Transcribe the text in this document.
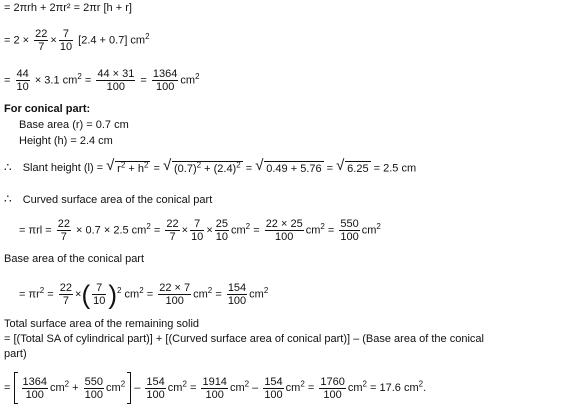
= 2πrh + 2πr² = 2πr [h + r]
= $2 \times \frac{22}{7} \times \frac{7}{10} [2.4 + 0.7]$ $cm^2$
= $\frac{44}{10} \times 3.1$ $cm^2 = \frac{44 \times 31}{100} = \frac{1364}{100} cm^2$
For conical part:
Base area (r) = 0.7 cm
Height (h) = 2.4 cm
∴ Slant height (l) = √ $r^2 + h^2$ = √ $(0.7)^2 + (2.4)^2$ = √ 0.49 + 5.76 = √ 6.25 = 2.5 cm
∴ Curved surface area of the conical part
= $\pi rl = \frac{22}{7} \times 0.7 \times 2.5$ $cm^2 = \frac{22}{7} \times \frac{7}{10} \times \frac{25}{10} cm^2 = \frac{22 \times 25}{100} cm^2 = \frac{550}{100} cm^2$
Base area of the conical part
= $\pi r^2 = \frac{22}{7}$ ×( $\frac{7}{10} )^2$ $cm^2 = \frac{22 \times 7}{100} cm^2 = \frac{154}{100} cm^2$
Total surface area of the remaining solid
= [(Total SA of cylindrical part)] + [(Curved surface area of conical part)] – (Base area of the conical
part)
= $\frac{1364}{100} cm^2 + \frac{550}{100} cm^2 - \frac{154}{100} cm^2 = \frac{1914}{100} cm^2 - \frac{154}{100} cm^2 = \frac{1760}{100} cm^2 = 17.6$ $cm^2$.
